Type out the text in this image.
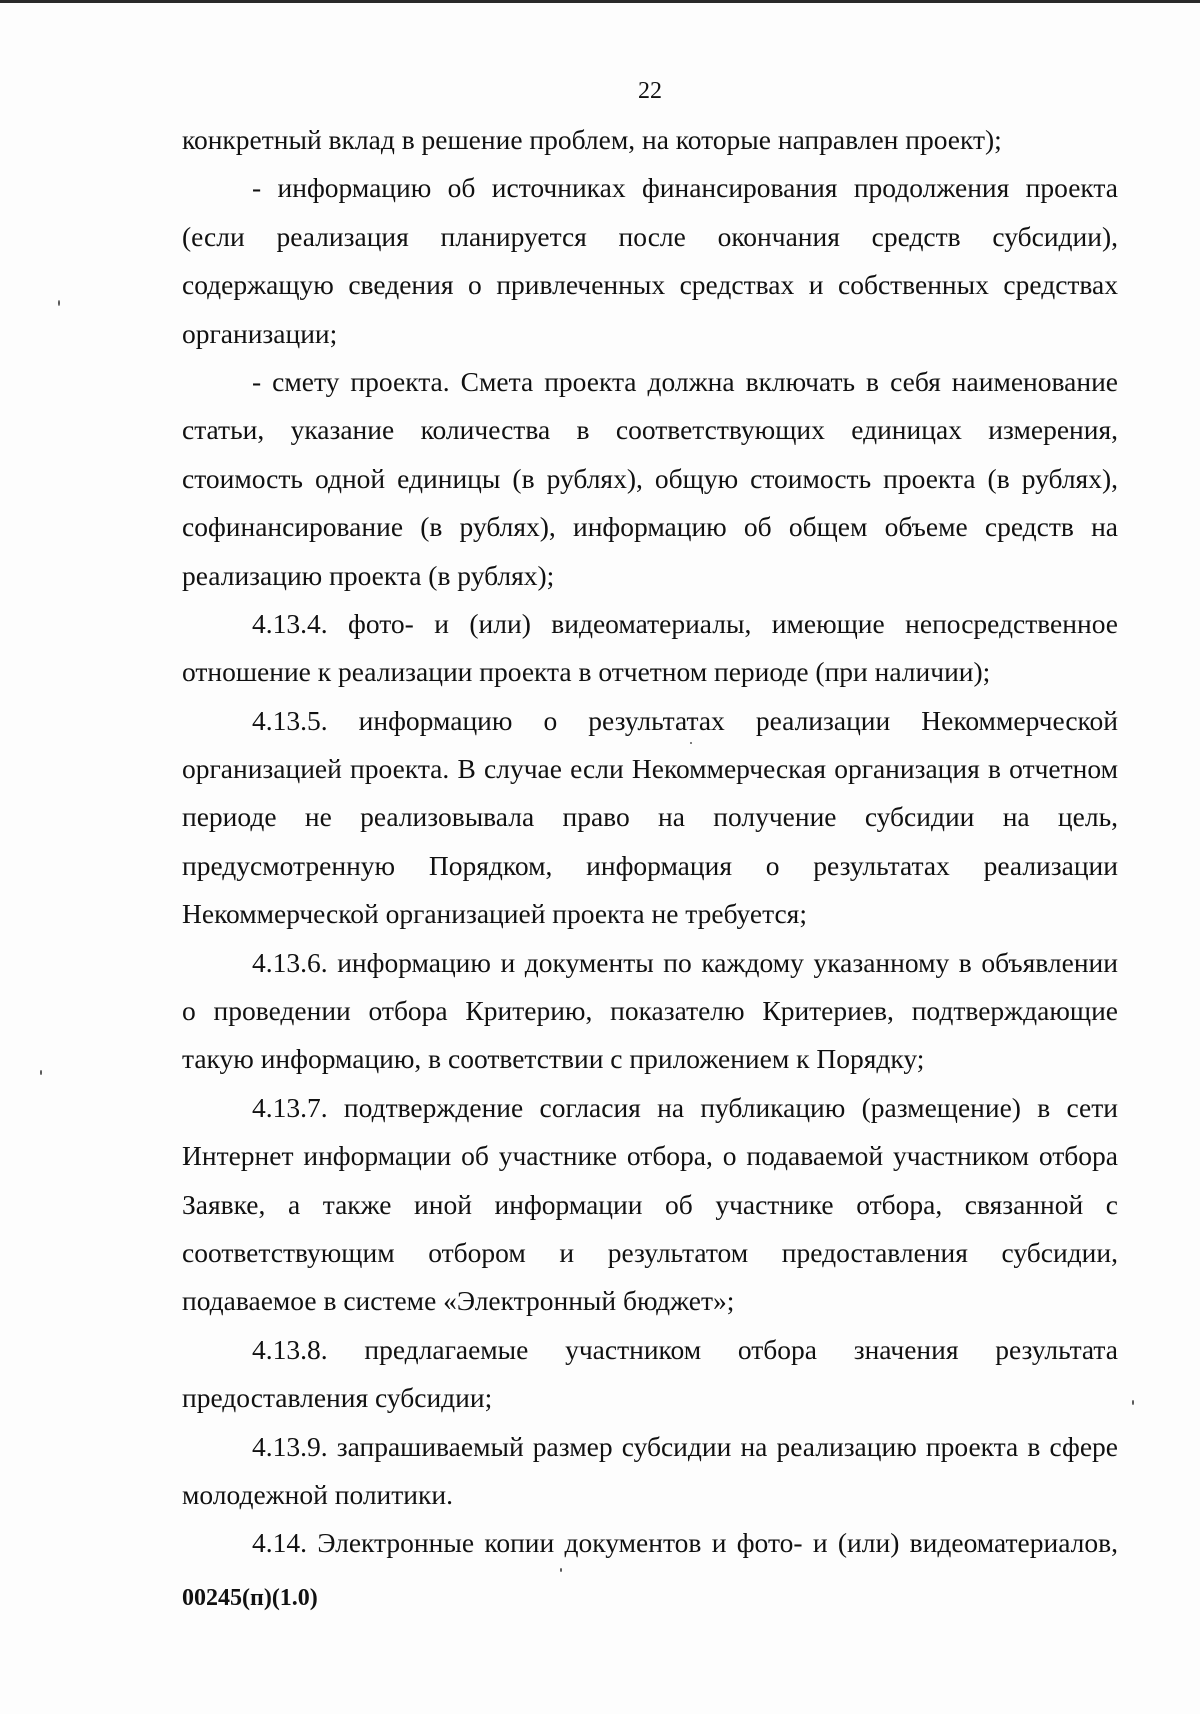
22
конкретный вклад в решение проблем, на которые направлен проект);
- информацию об источниках финансирования продолжения проекта
(если реализация планируется после окончания средств субсидии),
содержащую сведения о привлеченных средствах и собственных средствах
организации;
- смету проекта. Смета проекта должна включать в себя наименование
статьи, указание количества в соответствующих единицах измерения,
стоимость одной единицы (в рублях), общую стоимость проекта (в рублях),
софинансирование (в рублях), информацию об общем объеме средств на
реализацию проекта (в рублях);
4.13.4. фото- и (или) видеоматериалы, имеющие непосредственное
отношение к реализации проекта в отчетном периоде (при наличии);
4.13.5. информацию о результатах реализации Некоммерческой
организацией проекта. В случае если Некоммерческая организация в отчетном
периоде не реализовывала право на получение субсидии на цель,
предусмотренную Порядком, информация о результатах реализации
Некоммерческой организацией проекта не требуется;
4.13.6. информацию и документы по каждому указанному в объявлении
о проведении отбора Критерию, показателю Критериев, подтверждающие
такую информацию, в соответствии с приложением к Порядку;
4.13.7. подтверждение согласия на публикацию (размещение) в сети
Интернет информации об участнике отбора, о подаваемой участником отбора
Заявке, а также иной информации об участнике отбора, связанной с
соответствующим отбором и результатом предоставления субсидии,
подаваемое в системе «Электронный бюджет»;
4.13.8. предлагаемые участником отбора значения результата
предоставления субсидии;
4.13.9. запрашиваемый размер субсидии на реализацию проекта в сфере
молодежной политики.
4.14. Электронные копии документов и фото- и (или) видеоматериалов,
00245(п)(1.0)
